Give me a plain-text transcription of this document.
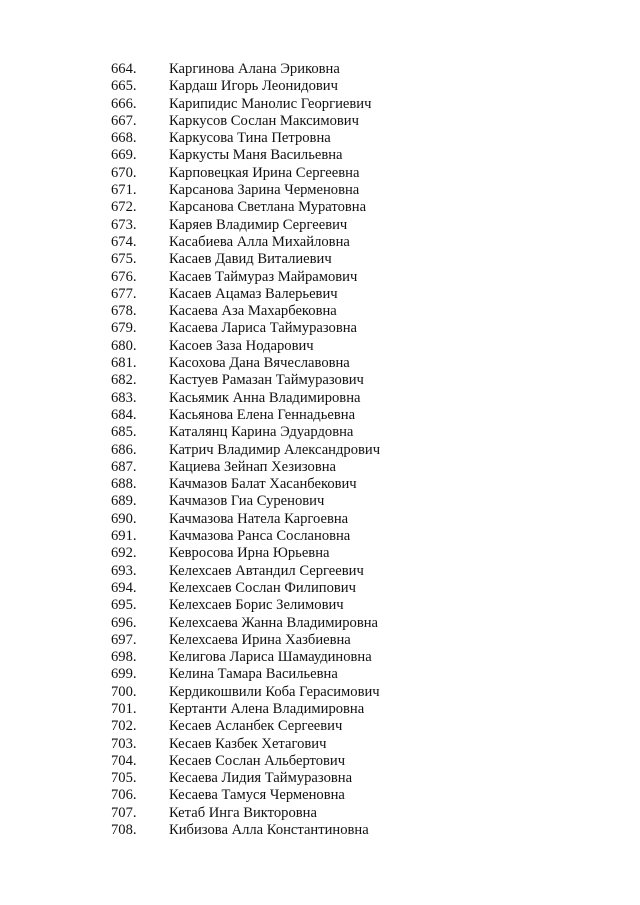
664.	Каргинова Алана Эриковна
665.	Кардаш Игорь Леонидович
666.	Карипидис Манолис Георгиевич
667.	Каркусов Сослан Максимович
668.	Каркусова Тина Петровна
669.	Каркусты Маня Васильевна
670.	Карповецкая Ирина Сергеевна
671.	Карсанова Зарина Черменовна
672.	Карсанова Светлана Муратовна
673.	Каряев Владимир Сергеевич
674.	Касабиева Алла Михайловна
675.	Касаев Давид Виталиевич
676.	Касаев Таймураз Майрамович
677.	Касаев Ацамаз Валерьевич
678.	Касаева Аза Махарбековна
679.	Касаева Лариса Таймуразовна
680.	Касоев Заза Нодарович
681.	Касохова Дана Вячеславовна
682.	Кастуев Рамазан Таймуразович
683.	Касьямик Анна Владимировна
684.	Касьянова Елена Геннадьевна
685.	Каталянц Карина Эдуардовна
686.	Катрич Владимир Александрович
687.	Кациева Зейнап Хезизовна
688.	Качмазов Балат Хасанбекович
689.	Качмазов Гиа Суренович
690.	Качмазова Натела Каргоевна
691.	Качмазова Ранса Сослановна
692.	Кевросова Ирна Юрьевна
693.	Келехсаев Автандил Сергеевич
694.	Келехсаев Сослан Филипович
695.	Келехсаев Борис Зелимович
696.	Келехсаева Жанна Владимировна
697.	Келехсаева Ирина Хазбиевна
698.	Келигова Лариса Шамаудиновна
699.	Келина Тамара Васильевна
700.	Кердикошвили Коба Герасимович
701.	Кертанти Алена Владимировна
702.	Кесаев Асланбек Сергеевич
703.	Кесаев Казбек Хетагович
704.	Кесаев Сослан Альбертович
705.	Кесаева Лидия Таймуразовна
706.	Кесаева Тамуся Черменовна
707.	Кетаб Инга Викторовна
708.	Кибизова Алла Константиновна
